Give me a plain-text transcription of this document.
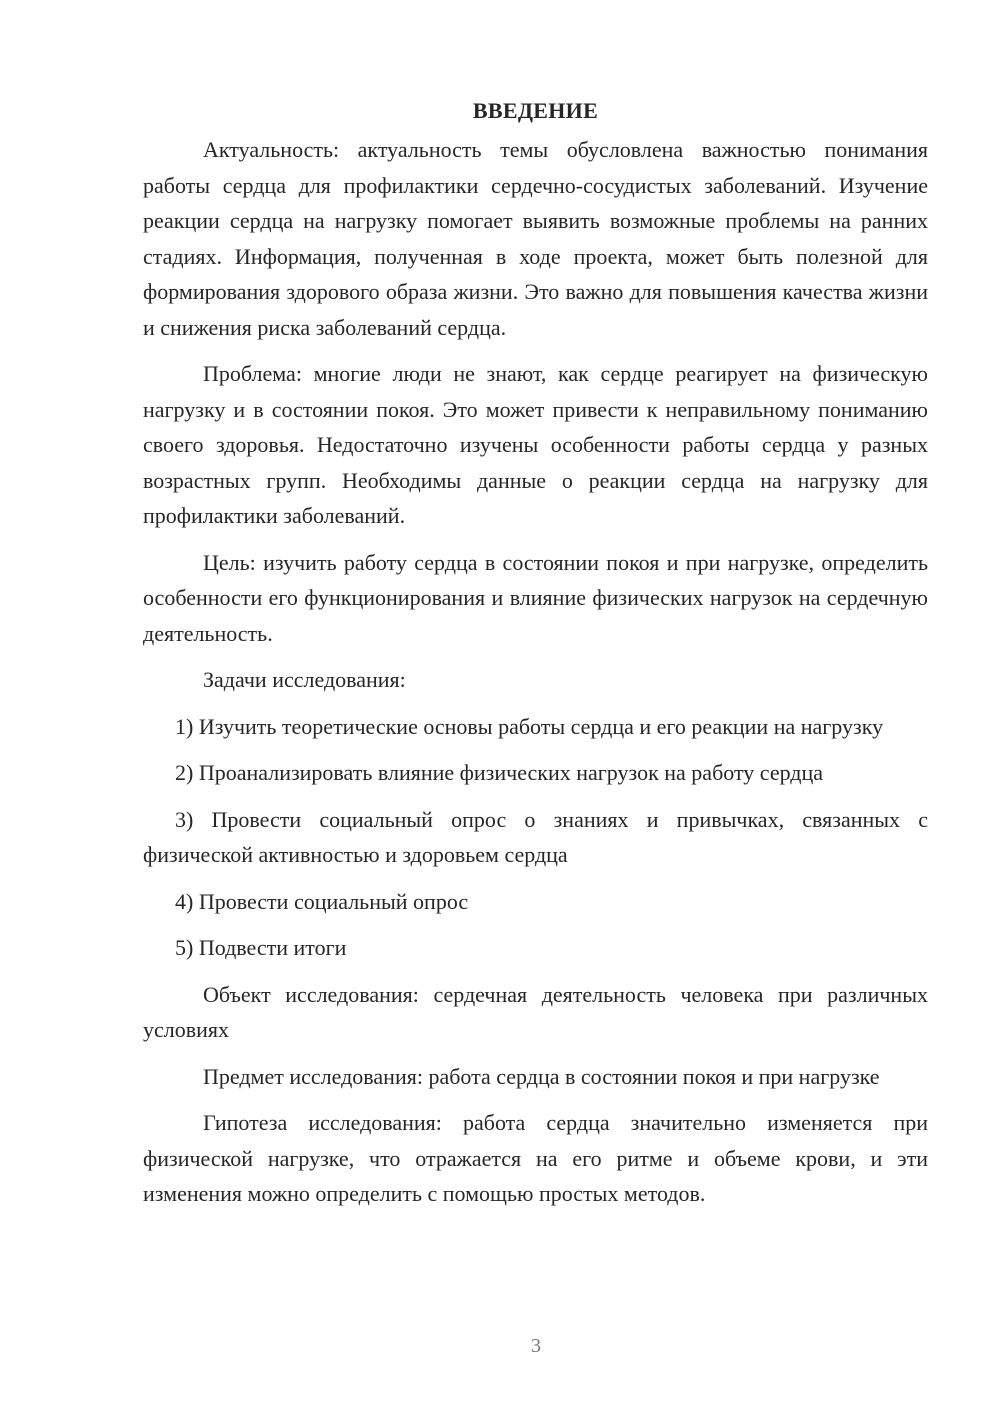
ВВЕДЕНИЕ

Актуальность: актуальность темы обусловлена важностью понимания работы сердца для профилактики сердечно-сосудистых заболеваний. Изучение реакции сердца на нагрузку помогает выявить возможные проблемы на ранних стадиях. Информация, полученная в ходе проекта, может быть полезной для формирования здорового образа жизни. Это важно для повышения качества жизни и снижения риска заболеваний сердца.

Проблема: многие люди не знают, как сердце реагирует на физическую нагрузку и в состоянии покоя. Это может привести к неправильному пониманию своего здоровья. Недостаточно изучены особенности работы сердца у разных возрастных групп. Необходимы данные о реакции сердца на нагрузку для профилактики заболеваний.

Цель: изучить работу сердца в состоянии покоя и при нагрузке, определить особенности его функционирования и влияние физических нагрузок на сердечную деятельность.

Задачи исследования:

1) Изучить теоретические основы работы сердца и его реакции на нагрузку

2) Проанализировать влияние физических нагрузок на работу сердца

3) Провести социальный опрос о знаниях и привычках, связанных с физической активностью и здоровьем сердца

4) Провести социальный опрос

5) Подвести итоги

Объект исследования: сердечная деятельность человека при различных условиях

Предмет исследования: работа сердца в состоянии покоя и при нагрузке

Гипотеза исследования: работа сердца значительно изменяется при физической нагрузке, что отражается на его ритме и объеме крови, и эти изменения можно определить с помощью простых методов.

3
